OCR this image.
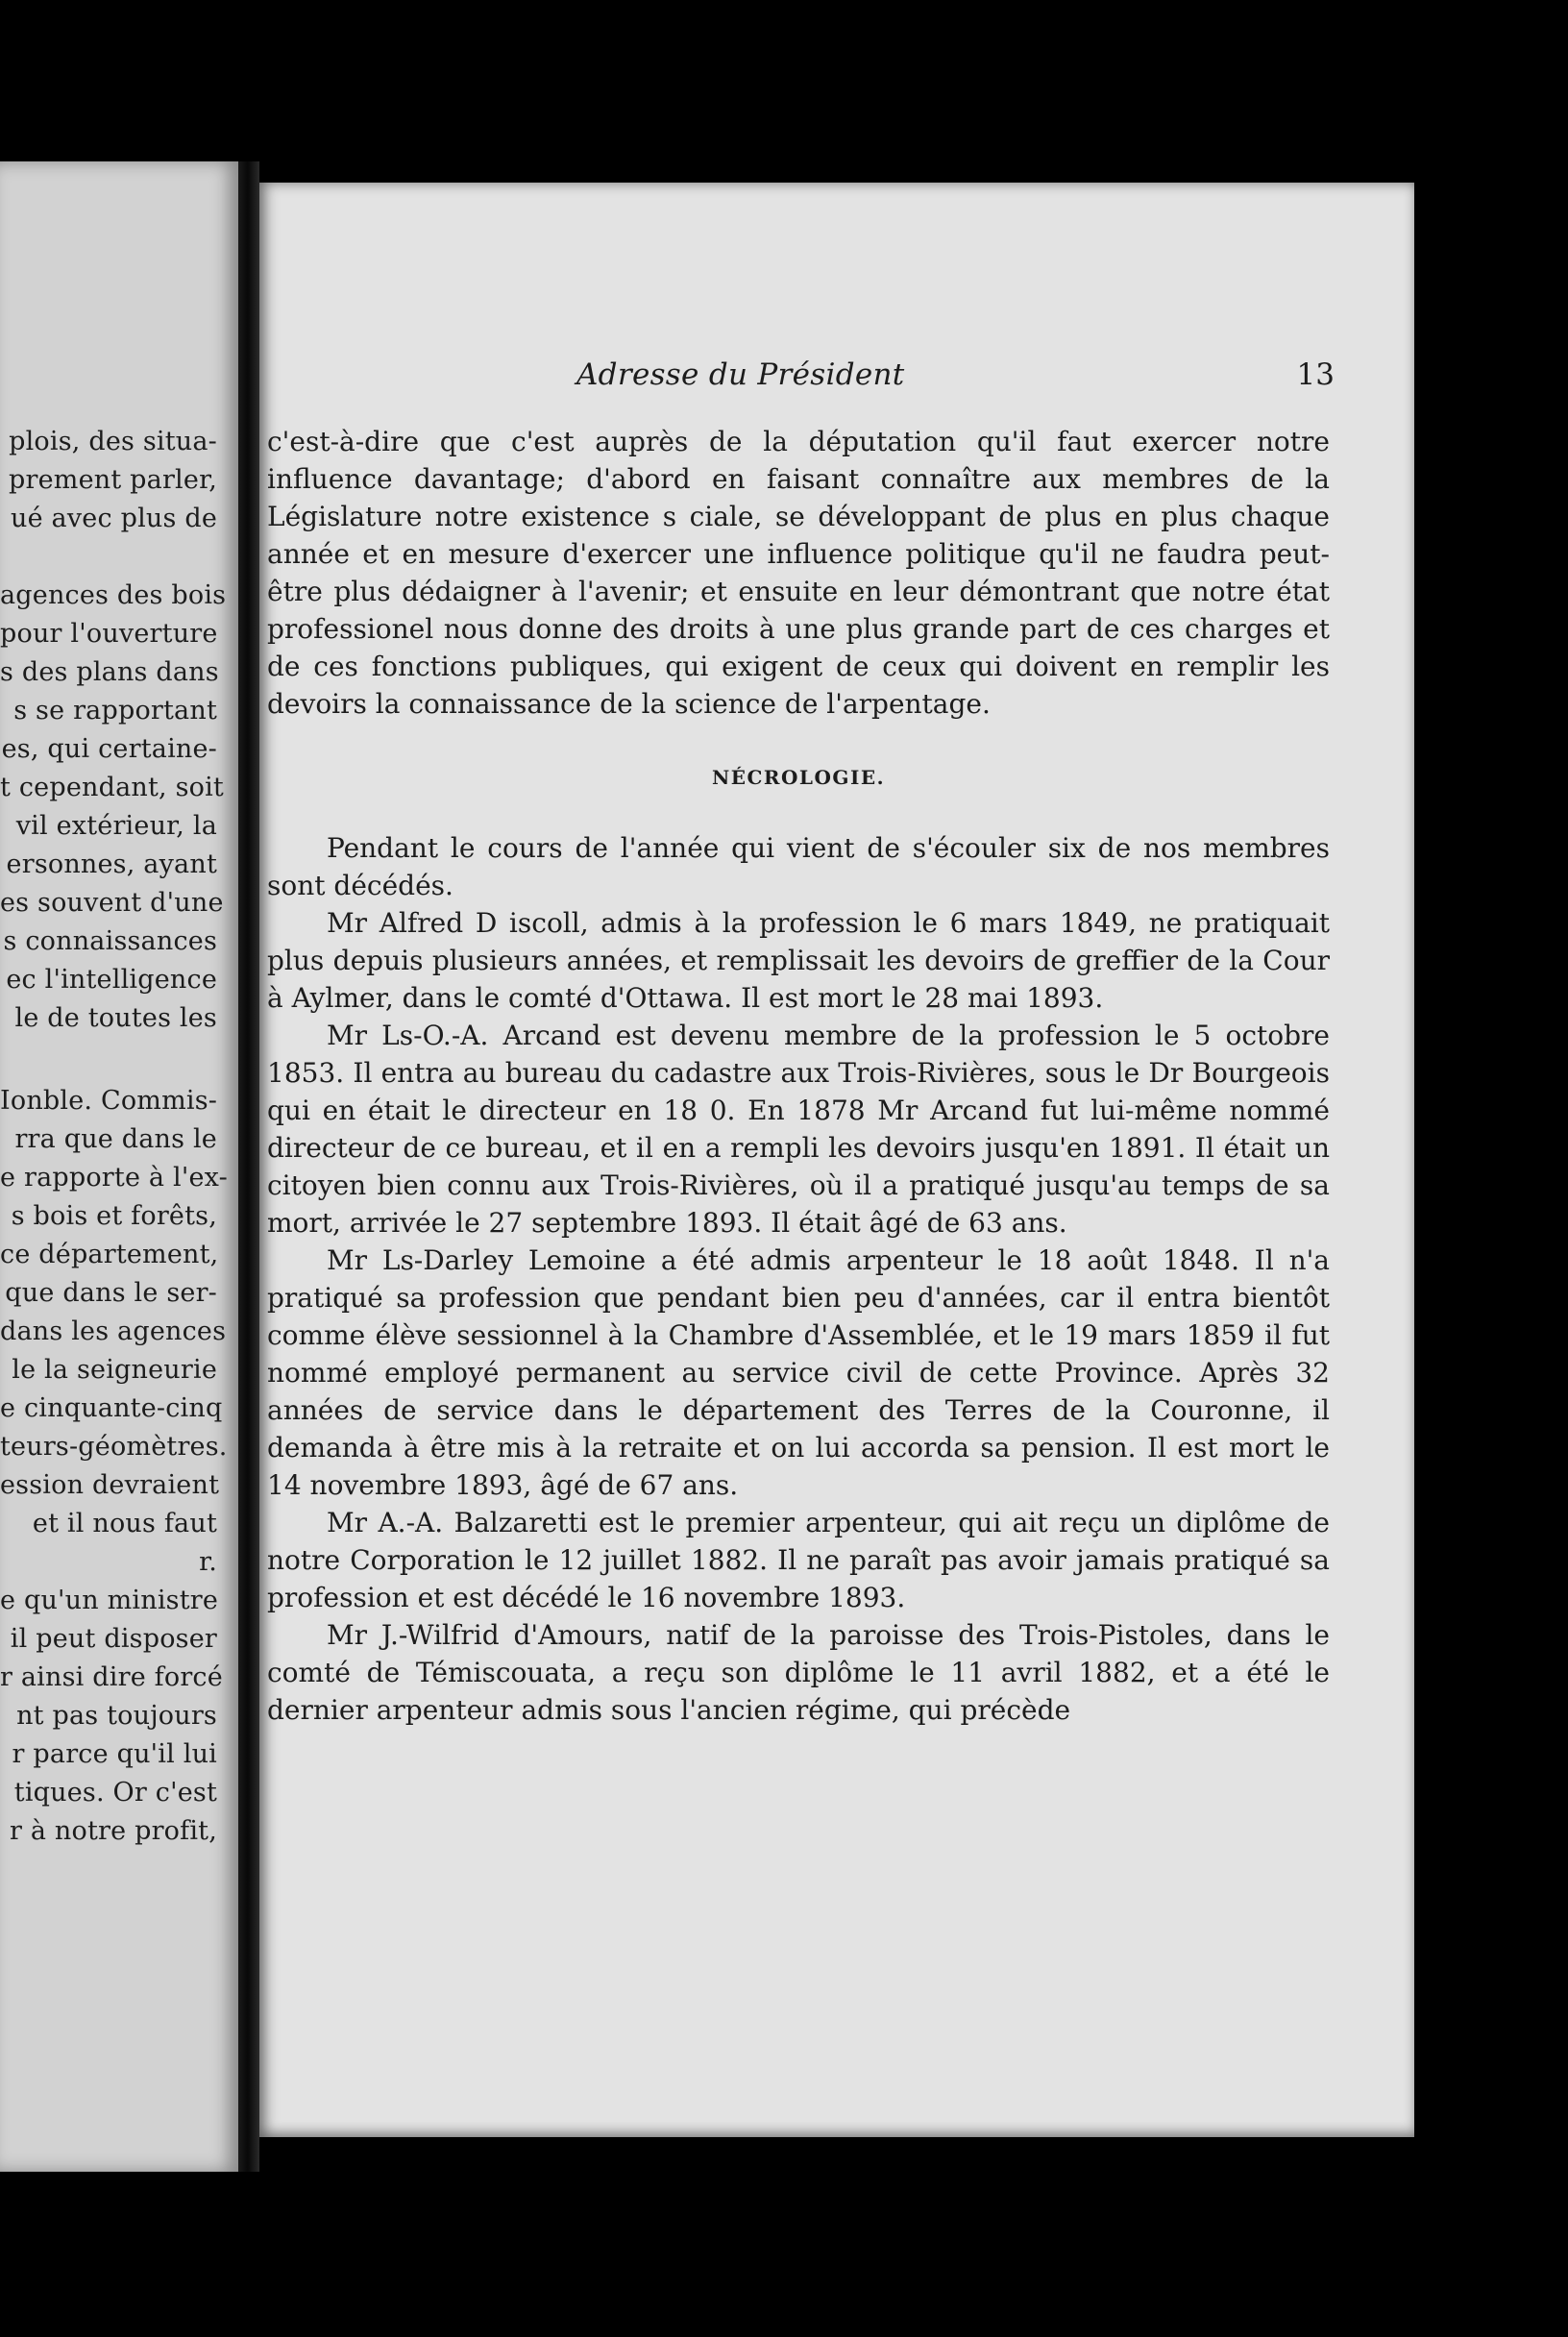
plois, des situa-
prement parler,
ué avec plus de
agences des bois
pour l'ouverture
s des plans dans
s se rapportant
es, qui certaine-
t cependant, soit
vil extérieur, la
ersonnes, ayant
es souvent d'une
s connaissances
ec l'intelligence
le de toutes les
Ionble. Commis-
rra que dans le
e rapporte à l'ex-
s bois et forêts,
ce département,
que dans le ser-
dans les agences
le la seigneurie
e cinquante-cinq
teurs-géomètres.
ession devraient
et il nous faut
r.
e qu'un ministre
il peut disposer
r ainsi dire forcé
nt pas toujours
r parce qu'il lui
tiques. Or c'est
r à notre profit,
Adresse du Président	13

c'est-à-dire que c'est auprès de la députation qu'il faut exercer notre influence davantage; d'abord en faisant connaître aux membres de la Législature notre existence s ciale, se développant de plus en plus chaque année et en mesure d'exercer une influence politique qu'il ne faudra peut-être plus dédaigner à l'avenir; et ensuite en leur démontrant que notre état professionel nous donne des droits à une plus grande part de ces charges et de ces fonctions publiques, qui exigent de ceux qui doivent en remplir les devoirs la connaissance de la science de l'arpentage.

NÉCROLOGIE.

Pendant le cours de l'année qui vient de s'écouler six de nos membres sont décédés.

Mr Alfred D iscoll, admis à la profession le 6 mars 1849, ne pratiquait plus depuis plusieurs années, et remplissait les devoirs de greffier de la Cour à Aylmer, dans le comté d'Ottawa. Il est mort le 28 mai 1893.

Mr Ls-O.-A. Arcand est devenu membre de la profession le 5 octobre 1853. Il entra au bureau du cadastre aux Trois-Rivières, sous le Dr Bourgeois qui en était le directeur en 18 0. En 1878 Mr Arcand fut lui-même nommé directeur de ce bureau, et il en a rempli les devoirs jusqu'en 1891. Il était un citoyen bien connu aux Trois-Rivières, où il a pratiqué jusqu'au temps de sa mort, arrivée le 27 septembre 1893. Il était âgé de 63 ans.

Mr Ls-Darley Lemoine a été admis arpenteur le 18 août 1848. Il n'a pratiqué sa profession que pendant bien peu d'années, car il entra bientôt comme élève sessionnel à la Chambre d'Assemblée, et le 19 mars 1859 il fut nommé employé permanent au service civil de cette Province. Après 32 années de service dans le département des Terres de la Couronne, il demanda à être mis à la retraite et on lui accorda sa pension. Il est mort le 14 novembre 1893, âgé de 67 ans.

Mr A.-A. Balzaretti est le premier arpenteur, qui ait reçu un diplôme de notre Corporation le 12 juillet 1882. Il ne paraît pas avoir jamais pratiqué sa profession et est décédé le 16 novembre 1893.

Mr J.-Wilfrid d'Amours, natif de la paroisse des Trois-Pistoles, dans le comté de Témiscouata, a reçu son diplôme le 11 avril 1882, et a été le dernier arpenteur admis sous l'ancien régime, qui précède
